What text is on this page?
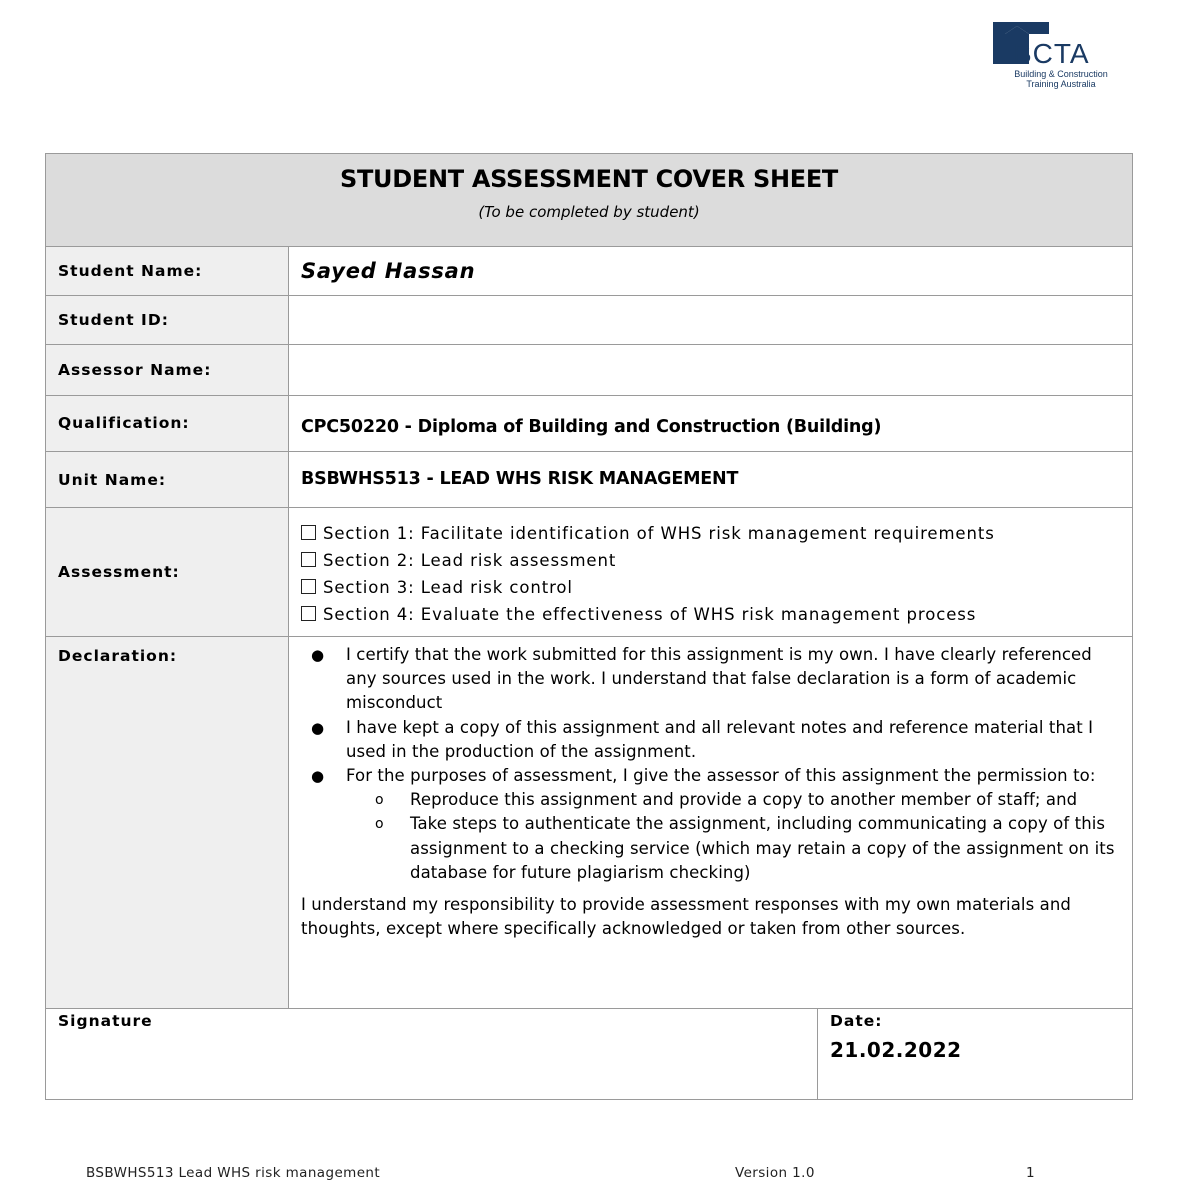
BCTA
Building & Construction
Training Australia
STUDENT ASSESSMENT COVER SHEET
(To be completed by student)
Student Name:	Sayed Hassan
Student ID:
Assessor Name:
Qualification:	CPC50220 - Diploma of Building and Construction (Building)
Unit Name:	BSBWHS513 - LEAD WHS RISK MANAGEMENT
Assessment:
Section 1: Facilitate identification of WHS risk management requirements
Section 2: Lead risk assessment
Section 3: Lead risk control
Section 4: Evaluate the effectiveness of WHS risk management process
Declaration:	● I certify that the work submitted for this assignment is my own. I have clearly referenced any sources used in the work. I understand that false declaration is a form of academic misconduct
● I have kept a copy of this assignment and all relevant notes and reference material that I used in the production of the assignment.
● For the purposes of assessment, I give the assessor of this assignment the permission to:
o Reproduce this assignment and provide a copy to another member of staff; and
o Take steps to authenticate the assignment, including communicating a copy of this assignment to a checking service (which may retain a copy of the assignment on its database for future plagiarism checking)

I understand my responsibility to provide assessment responses with my own materials and thoughts, except where specifically acknowledged or taken from other sources.

Signature	Date:
21.02.2022
BSBWHS513 Lead WHS risk management	Version 1.0	1
